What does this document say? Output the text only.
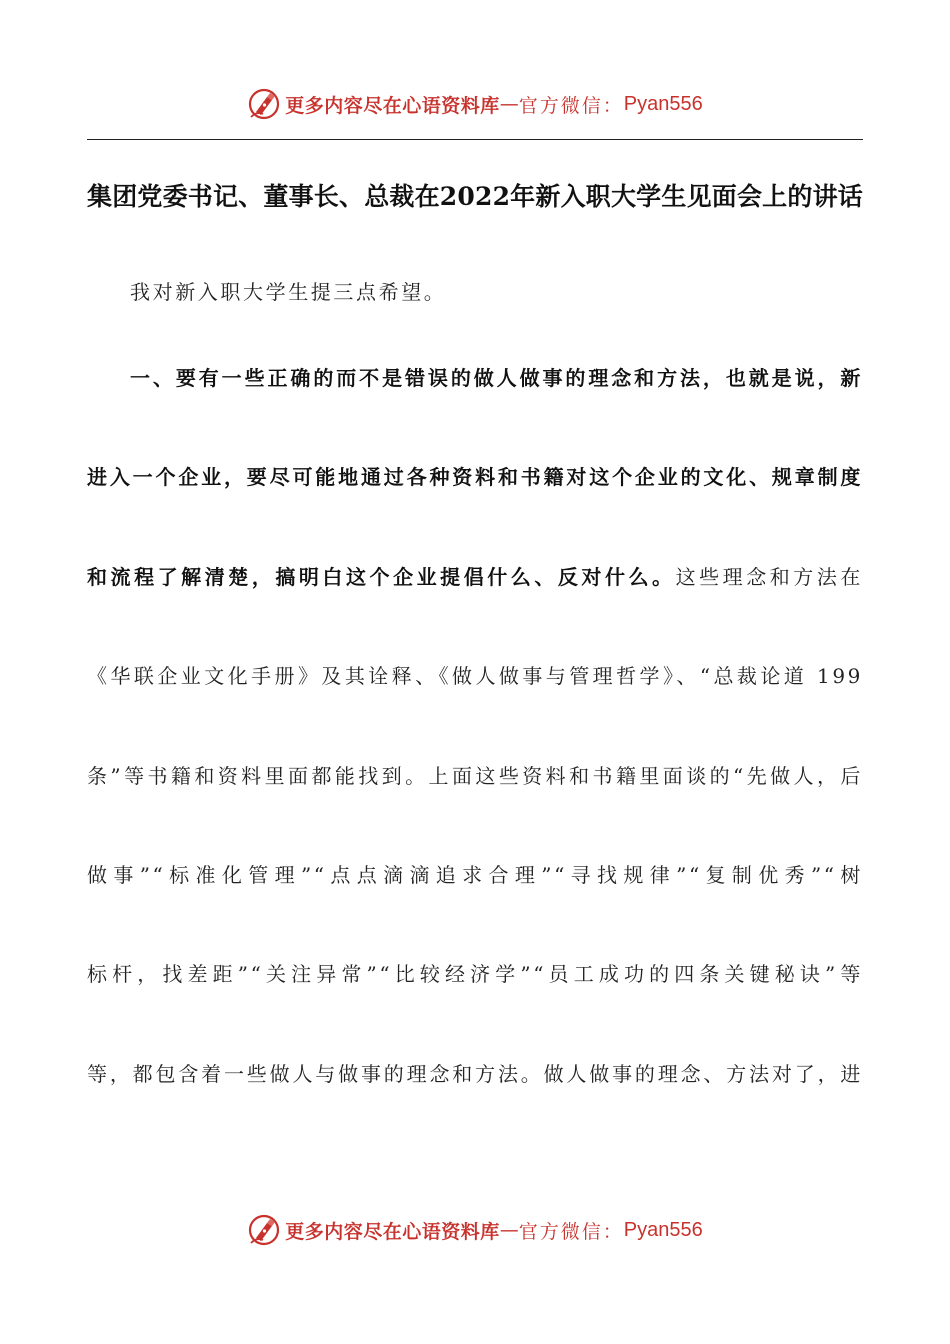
更多内容尽在心语资料库 — 官方微信： Pyan556
集团党委书记、董事长、总裁在2022年新入职大学生见面会上的讲话
我对新入职大学生提三点希望。
一、要有一些正确的而不是错误的做人做事的理念和方法，也就是说，新
进入一个企业，要尽可能地通过各种资料和书籍对这个企业的文化、规章制度
和流程了解清楚，搞明白这个企业提倡什么、反对什么。这些理念和方法在
《华联企业文化手册》及其诠释、《做人做事与管理哲学》、“总裁论道 199
条”等书籍和资料里面都能找到。上面这些资料和书籍里面谈的“先做人，后
做事”“标准化管理”“点点滴滴追求合理”“寻找规律”“复制优秀”“树
标杆，找差距”“关注异常”“比较经济学”“员工成功的四条关键秘诀”等
等，都包含着一些做人与做事的理念和方法。做人做事的理念、方法对了，进
更多内容尽在心语资料库 — 官方微信： Pyan556
